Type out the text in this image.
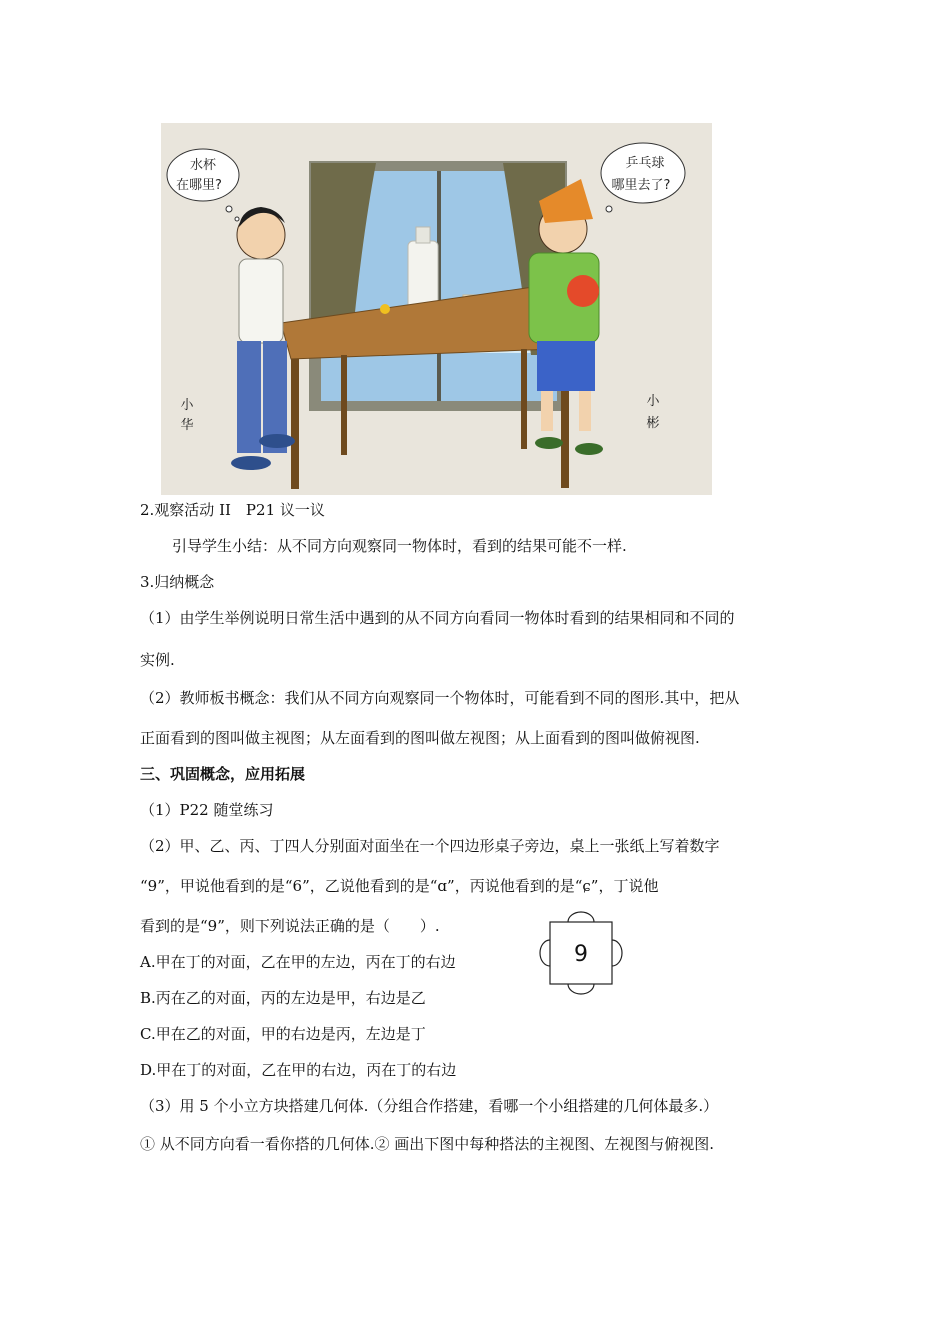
水杯
在哪里?
乒乓球
哪里去了?
小
华
小
彬
2.观察活动 II　P21 议一议
引导学生小结：从不同方向观察同一物体时，看到的结果可能不一样.
3.归纳概念
（1）由学生举例说明日常生活中遇到的从不同方向看同一物体时看到的结果相同和不同的
实例.
（2）教师板书概念：我们从不同方向观察同一个物体时，可能看到不同的图形.其中，把从
正面看到的图叫做主视图；从左面看到的图叫做左视图；从上面看到的图叫做俯视图.
三、巩固概念，应用拓展
（1）P22 随堂练习
（2）甲、乙、丙、丁四人分别面对面坐在一个四边形桌子旁边，桌上一张纸上写着数字
“9”，甲说他看到的是“6”，乙说他看到的是“ɑ”，丙说他看到的是“ɕ”，丁说他
看到的是“9”，则下列说法正确的是（　　）.
A.甲在丁的对面，乙在甲的左边，丙在丁的右边
B.丙在乙的对面，丙的左边是甲，右边是乙
C.甲在乙的对面，甲的右边是丙，左边是丁
D.甲在丁的对面，乙在甲的右边，丙在丁的右边
（3）用 5 个小立方块搭建几何体.（分组合作搭建，看哪一个小组搭建的几何体最多.）
① 从不同方向看一看你搭的几何体.② 画出下图中每种搭法的主视图、左视图与俯视图.
9
